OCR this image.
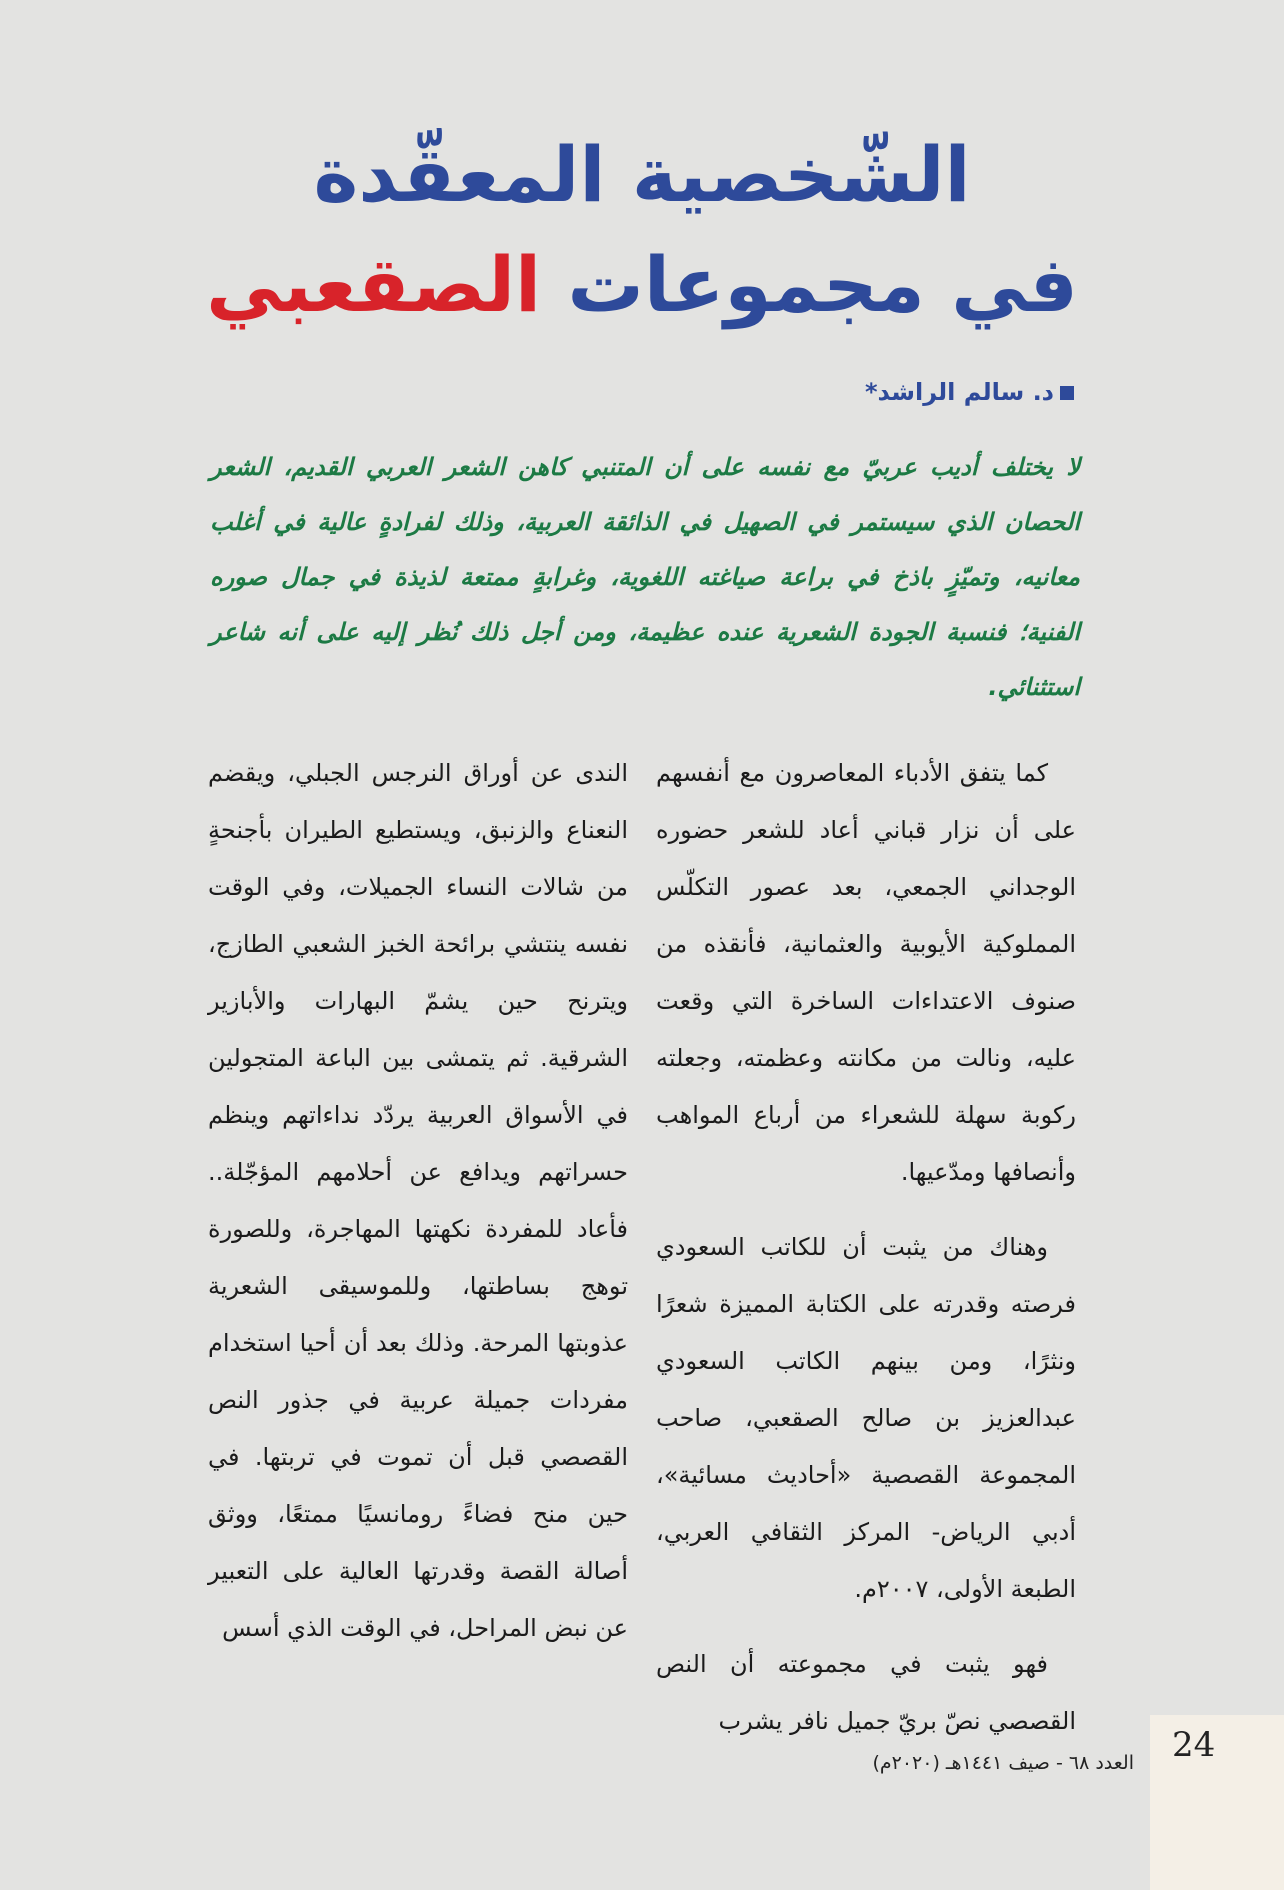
الشّخصية المعقّدة
في مجموعات الصقعبي
د. سالم الراشد*
لا يختلف أديب عربيّ مع نفسه على أن المتنبي كاهن الشعر العربي القديم، الشعر الحصان الذي سيستمر في الصهيل في الذائقة العربية، وذلك لفرادةٍ عالية في أغلب معانيه، وتميّزٍ باذخ في براعة صياغته اللغوية، وغرابةٍ ممتعة لذيذة في جمال صوره الفنية؛ فنسبة الجودة الشعرية عنده عظيمة، ومن أجل ذلك نُظر إليه على أنه شاعر استثنائي.

كما يتفق الأدباء المعاصرون مع أنفسهم على أن نزار قباني أعاد للشعر حضوره الوجداني الجمعي، بعد عصور التكلّس المملوكية الأيوبية والعثمانية، فأنقذه من صنوف الاعتداءات الساخرة التي وقعت عليه، ونالت من مكانته وعظمته، وجعلته ركوبة سهلة للشعراء من أرباع المواهب وأنصافها ومدّعيها.

وهناك من يثبت أن للكاتب السعودي فرصته وقدرته على الكتابة المميزة شعرًا ونثرًا، ومن بينهم الكاتب السعودي عبدالعزيز بن صالح الصقعبي، صاحب المجموعة القصصية «أحاديث مسائية»، أدبي الرياض- المركز الثقافي العربي، الطبعة الأولى، ٢٠٠٧م.

فهو يثبت في مجموعته أن النص القصصي نصّ بريّ جميل نافر يشرب

الندى عن أوراق النرجس الجبلي، ويقضم النعناع والزنبق، ويستطيع الطيران بأجنحةٍ من شالات النساء الجميلات، وفي الوقت نفسه ينتشي برائحة الخبز الشعبي الطازج، ويترنح حين يشمّ البهارات والأبازير الشرقية. ثم يتمشى بين الباعة المتجولين في الأسواق العربية يردّد نداءاتهم وينظم حسراتهم ويدافع عن أحلامهم المؤجّلة.. فأعاد للمفردة نكهتها المهاجرة، وللصورة توهج بساطتها، وللموسيقى الشعرية عذوبتها المرحة. وذلك بعد أن أحيا استخدام مفردات جميلة عربية في جذور النص القصصي قبل أن تموت في تربتها. في حين منح فضاءً رومانسيًا ممتعًا، ووثق أصالة القصة وقدرتها العالية على التعبير عن نبض المراحل، في الوقت الذي أسس

24
العدد ٦٨ - صيف ١٤٤١هـ (٢٠٢٠م)
